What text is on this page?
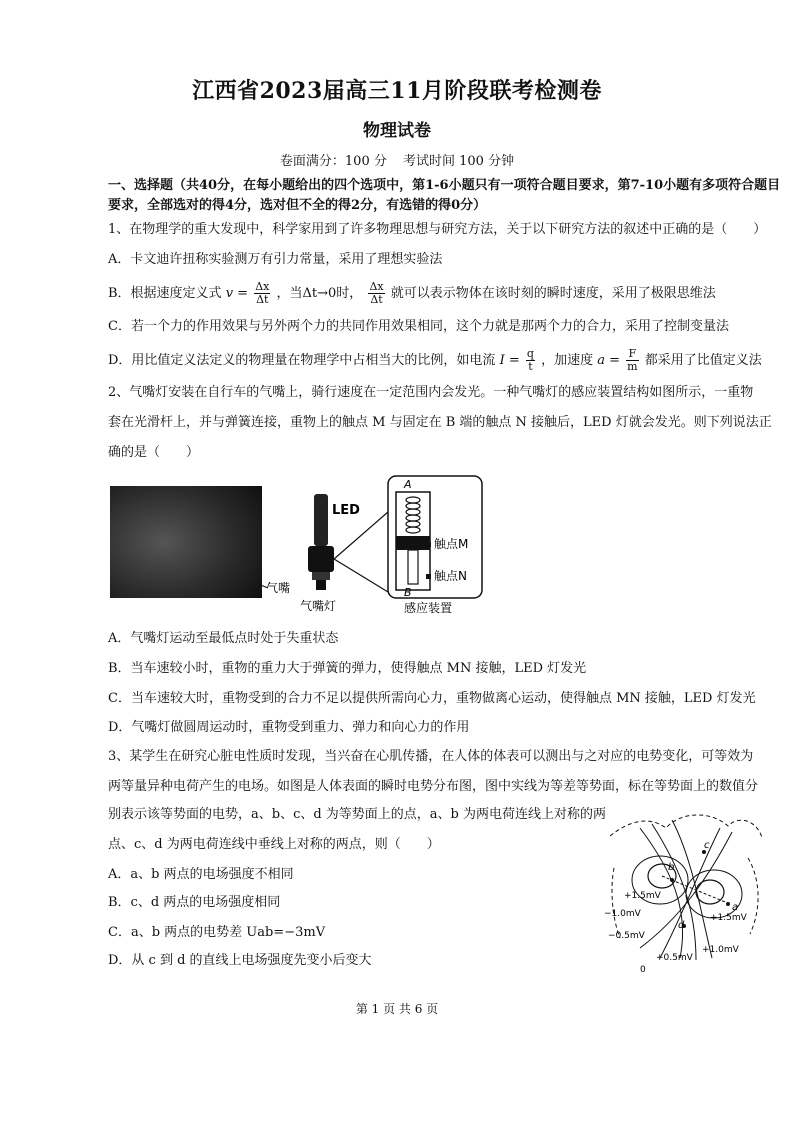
江西省2023届高三11月阶段联考检测卷
物理试卷
卷面满分：100 分 考试时间 100 分钟
一、选择题（共40分，在每小题给出的四个选项中，第1-6小题只有一项符合题目要求，第7-10小题有多项符合题目
要求，全部选对的得4分，选对但不全的得2分，有选错的得0分）
1、在物理学的重大发现中，科学家用到了许多物理思想与研究方法，关于以下研究方法的叙述中正确的是（　　）
A．卡文迪许扭称实验测万有引力常量，采用了理想实验法
B．根据速度定义式 $v = \frac{\Delta x}{\Delta t}$ ，当Δt→0时， $\frac{\Delta x}{\Delta t}$ 就可以表示物体在该时刻的瞬时速度，采用了极限思维法
C．若一个力的作用效果与另外两个力的共同作用效果相同，这个力就是那两个力的合力，采用了控制变量法
D．用比值定义法定义的物理量在物理学中占相当大的比例，如电流 $I = \frac{q}{t}$ ，加速度 $a = \frac{F}{m}$ 都采用了比值定义法
2、气嘴灯安装在自行车的气嘴上，骑行速度在一定范围内会发光。一种气嘴灯的感应装置结构如图所示，一重物
套在光滑杆上，并与弹簧连接，重物上的触点 M 与固定在 B 端的触点 N 接触后，LED 灯就会发光。则下列说法正
确的是（　　）
气嘴
LED
气嘴灯
A
触点M
触点N
B
感应装置
A．气嘴灯运动至最低点时处于失重状态
B．当车速较小时，重物的重力大于弹簧的弹力，使得触点 MN 接触，LED 灯发光
C．当车速较大时，重物受到的合力不足以提供所需向心力，重物做离心运动，使得触点 MN 接触，LED 灯发光
D．气嘴灯做圆周运动时，重物受到重力、弹力和向心力的作用
3、某学生在研究心脏电性质时发现，当兴奋在心肌传播，在人体的体表可以测出与之对应的电势变化，可等效为
两等量异种电荷产生的电场。如图是人体表面的瞬时电势分布图，图中实线为等差等势面，标在等势面上的数值分
别表示该等势面的电势，a、b、c、d 为等势面上的点，a、b 为两电荷连线上对称的两
点、c、d 为两电荷连线中垂线上对称的两点，则（　　）
A．a、b 两点的电场强度不相同
B．c、d 两点的电场强度相同
C．a、b 两点的电势差 Uab=−3mV
D．从 c 到 d 的直线上电场强度先变小后变大
c
b
a
d
+1.5mV
−1.0mV
−0.5mV
+1.5mV
+1.0mV
+0.5mV
0
第 1 页 共 6 页
